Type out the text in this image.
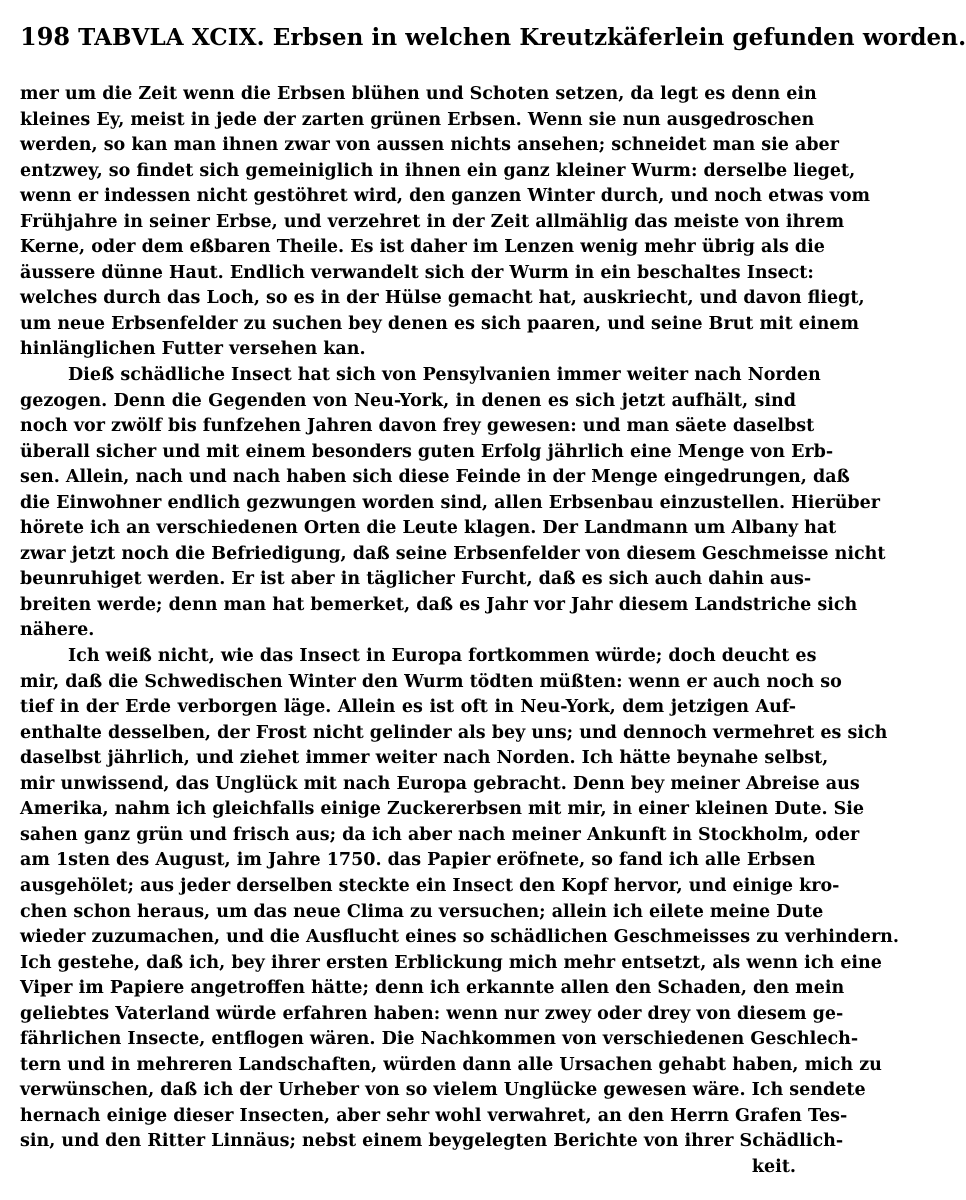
198 TABVLA XCIX. Erbsen in welchen Kreutzkäferlein gefunden worden.
mer um die Zeit wenn die Erbsen blühen und Schoten setzen, da legt es denn ein
kleines Ey, meist in jede der zarten grünen Erbsen. Wenn sie nun ausgedroschen
werden, so kan man ihnen zwar von aussen nichts ansehen; schneidet man sie aber
entzwey, so findet sich gemeiniglich in ihnen ein ganz kleiner Wurm: derselbe lieget,
wenn er indessen nicht gestöhret wird, den ganzen Winter durch, und noch etwas vom
Frühjahre in seiner Erbse, und verzehret in der Zeit allmählig das meiste von ihrem
Kerne, oder dem eßbaren Theile. Es ist daher im Lenzen wenig mehr übrig als die
äussere dünne Haut. Endlich verwandelt sich der Wurm in ein beschaltes Insect:
welches durch das Loch, so es in der Hülse gemacht hat, auskriecht, und davon fliegt,
um neue Erbsenfelder zu suchen bey denen es sich paaren, und seine Brut mit einem
hinlänglichen Futter versehen kan.
Dieß schädliche Insect hat sich von Pensylvanien immer weiter nach Norden
gezogen. Denn die Gegenden von Neu-York, in denen es sich jetzt aufhält, sind
noch vor zwölf bis funfzehen Jahren davon frey gewesen: und man säete daselbst
überall sicher und mit einem besonders guten Erfolg jährlich eine Menge von Erb-
sen. Allein, nach und nach haben sich diese Feinde in der Menge eingedrungen, daß
die Einwohner endlich gezwungen worden sind, allen Erbsenbau einzustellen. Hierüber
hörete ich an verschiedenen Orten die Leute klagen. Der Landmann um Albany hat
zwar jetzt noch die Befriedigung, daß seine Erbsenfelder von diesem Geschmeisse nicht
beunruhiget werden. Er ist aber in täglicher Furcht, daß es sich auch dahin aus-
breiten werde; denn man hat bemerket, daß es Jahr vor Jahr diesem Landstriche sich
nähere.
Ich weiß nicht, wie das Insect in Europa fortkommen würde; doch deucht es
mir, daß die Schwedischen Winter den Wurm tödten müßten: wenn er auch noch so
tief in der Erde verborgen läge. Allein es ist oft in Neu-York, dem jetzigen Auf-
enthalte desselben, der Frost nicht gelinder als bey uns; und dennoch vermehret es sich
daselbst jährlich, und ziehet immer weiter nach Norden. Ich hätte beynahe selbst,
mir unwissend, das Unglück mit nach Europa gebracht. Denn bey meiner Abreise aus
Amerika, nahm ich gleichfalls einige Zuckererbsen mit mir, in einer kleinen Dute. Sie
sahen ganz grün und frisch aus; da ich aber nach meiner Ankunft in Stockholm, oder
am 1sten des August, im Jahre 1750. das Papier eröfnete, so fand ich alle Erbsen
ausgehölet; aus jeder derselben steckte ein Insect den Kopf hervor, und einige kro-
chen schon heraus, um das neue Clima zu versuchen; allein ich eilete meine Dute
wieder zuzumachen, und die Ausflucht eines so schädlichen Geschmeisses zu verhindern.
Ich gestehe, daß ich, bey ihrer ersten Erblickung mich mehr entsetzt, als wenn ich eine
Viper im Papiere angetroffen hätte; denn ich erkannte allen den Schaden, den mein
geliebtes Vaterland würde erfahren haben: wenn nur zwey oder drey von diesem ge-
fährlichen Insecte, entflogen wären. Die Nachkommen von verschiedenen Geschlech-
tern und in mehreren Landschaften, würden dann alle Ursachen gehabt haben, mich zu
verwünschen, daß ich der Urheber von so vielem Unglücke gewesen wäre. Ich sendete
hernach einige dieser Insecten, aber sehr wohl verwahret, an den Herrn Grafen Tes-
sin, und den Ritter Linnäus; nebst einem beygelegten Berichte von ihrer Schädlich-
keit.
